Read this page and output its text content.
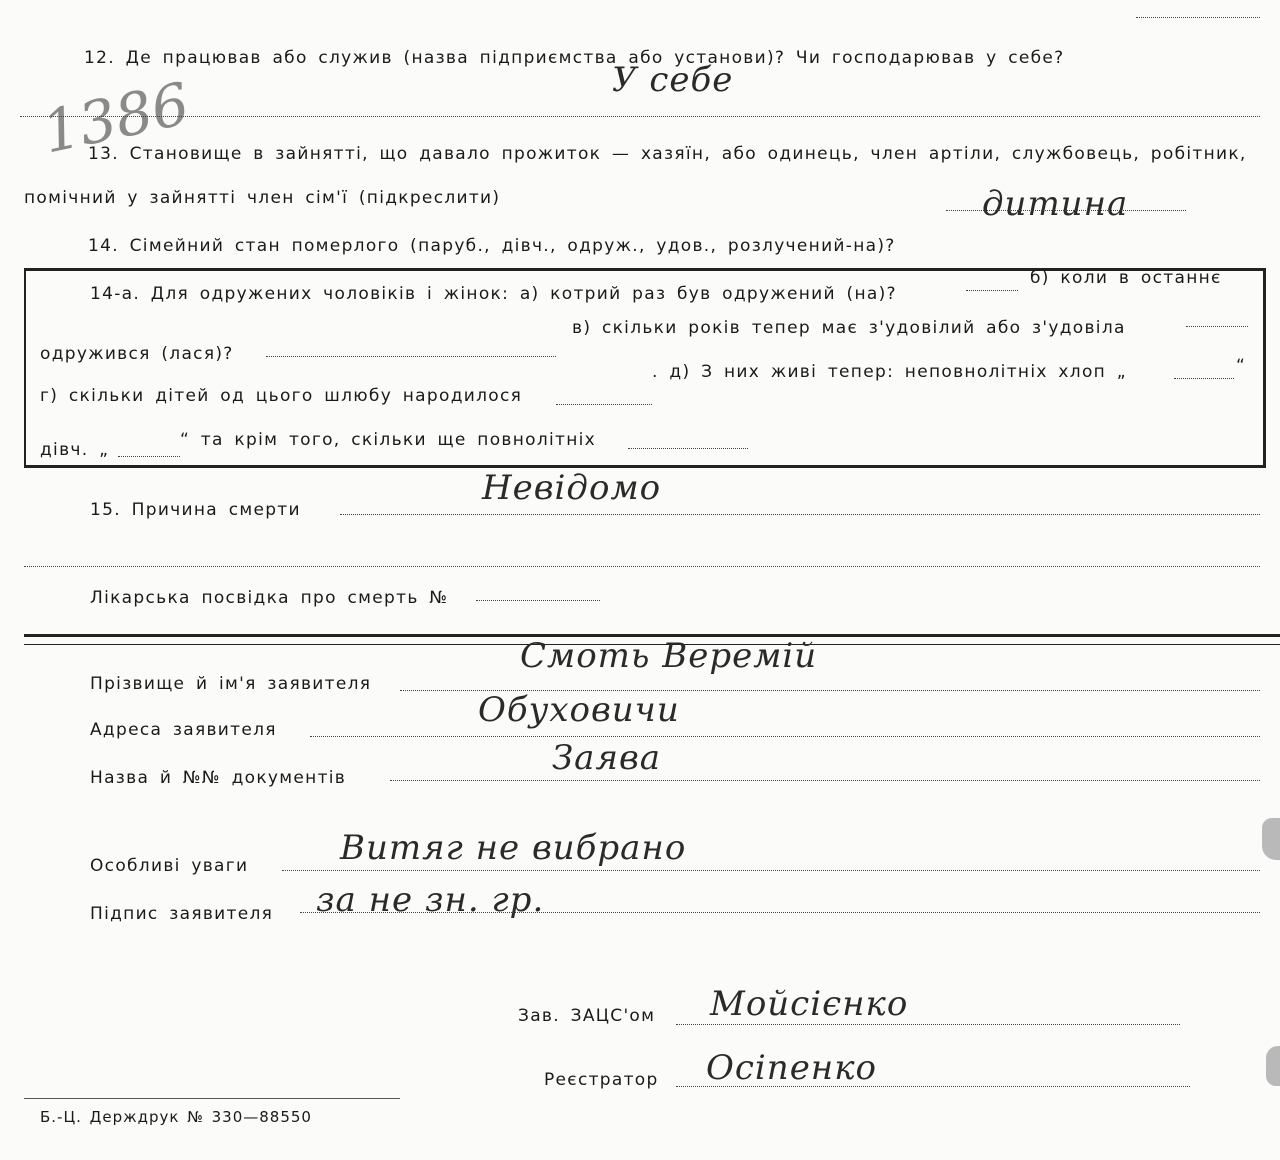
1386
12. Де працював або служив (назва підприємства або установи)? Чи господарював у себе?
У себе
13. Становище в зайнятті, що давало прожиток — хазяїн, або одинець, член артіли, службовець, робітник,
помічний у зайнятті член сім'ї (підкреслити)
14. Сімейний стан померлого (паруб., дівч., одруж., удов., розлучений-на)?
дитина
14-а. Для одружених чоловіків і жінок: а) котрий раз був одружений (на)?
б) коли в останнє
одружився (лася)?
в) скільки років тепер має з'удовілий або з'удовіла
г) скільки дітей од цього шлюбу народилося
. д) З них живі тепер: неповнолітніх хлоп „	“
дівч. „	“ та крім того, скільки ще повнолітніх
15. Причина смерти
Невідомо
Лікарська посвідка про смерть №
Прізвище й ім'я заявителя
Смоть Веремій
Адреса заявителя	Обуховичи
Назва й №№ документів	Заява
Особливі уваги	Витяг не вибрано
Підпис заявителя за не зн. гр.
Зав. ЗАЦС'ом Мойсієнко
Реєстратор Осіпенко
Б.-Ц. Держдрук № 330—88550
